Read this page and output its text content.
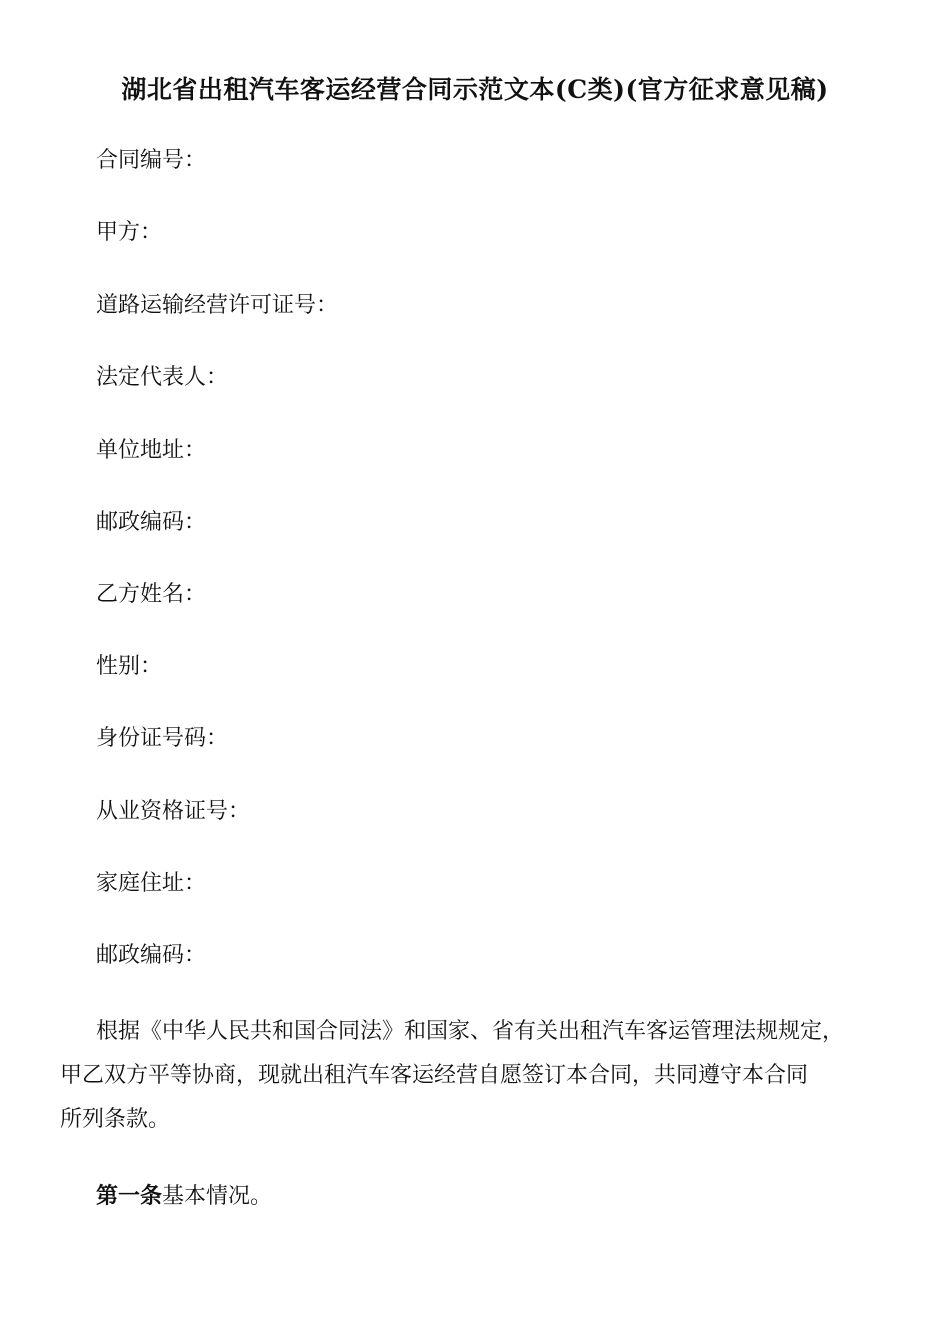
湖北省出租汽车客运经营合同示范文本(C类)(官方征求意见稿)
合同编号：
甲方：
道路运输经营许可证号：
法定代表人：
单位地址：
邮政编码：
乙方姓名：
性别：
身份证号码：
从业资格证号：
家庭住址：
邮政编码：
根据《中华人民共和国合同法》和国家、省有关出租汽车客运管理法规规定，
甲乙双方平等协商，现就出租汽车客运经营自愿签订本合同，共同遵守本合同
所列条款。
第一条基本情况。
